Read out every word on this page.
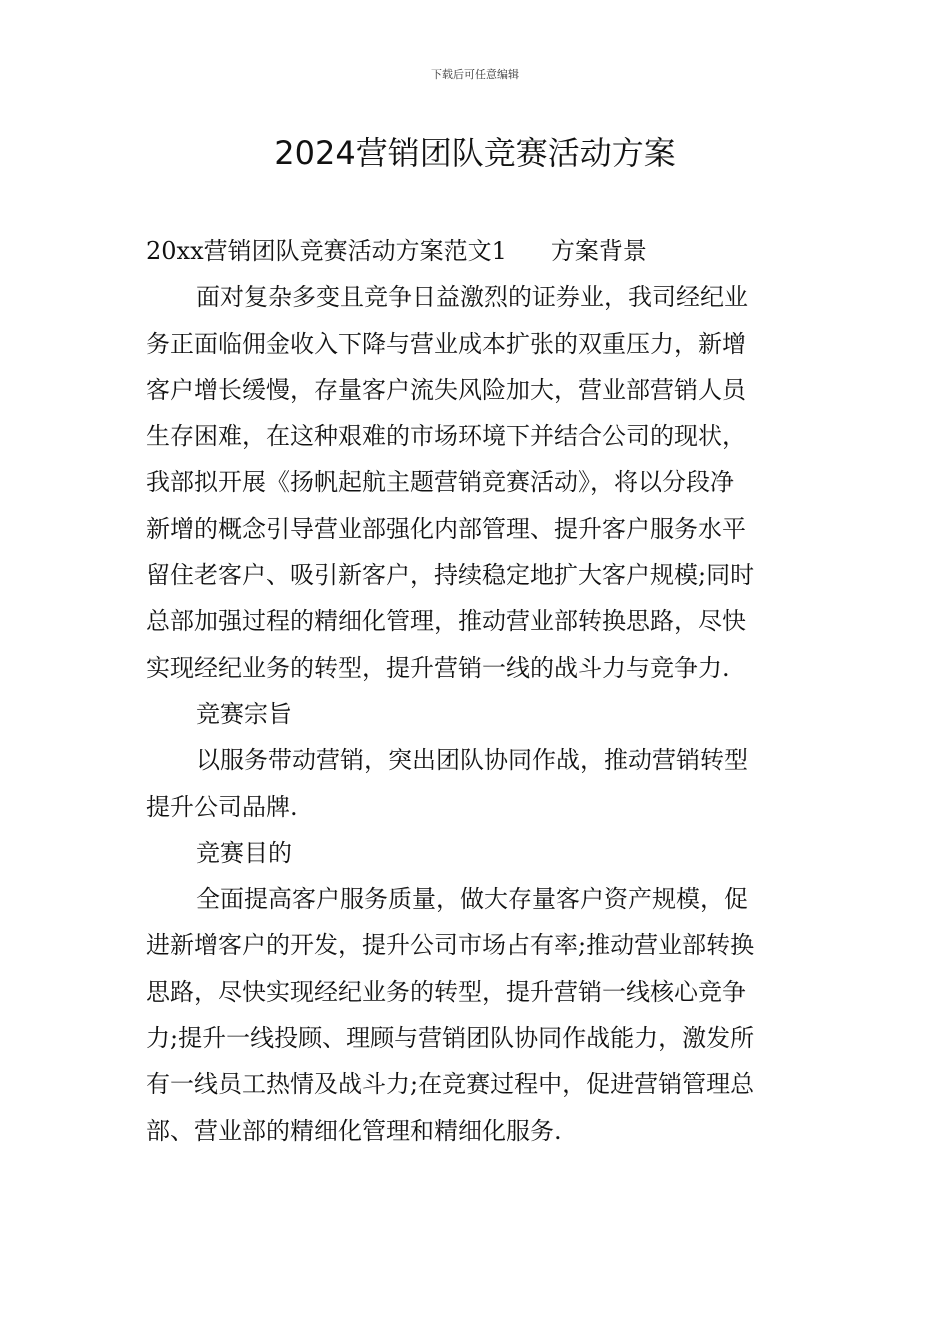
下载后可任意编辑
2024营销团队竞赛活动方案
20xx营销团队竞赛活动方案范文1 方案背景
面对复杂多变且竞争日益激烈的证券业，我司经纪业
务正面临佣金收入下降与营业成本扩张的双重压力，新增
客户增长缓慢，存量客户流失风险加大，营业部营销人员
生存困难，在这种艰难的市场环境下并结合公司的现状，
我部拟开展《扬帆起航主题营销竞赛活动》，将以分段净
新增的概念引导营业部强化内部管理、提升客户服务水平
留住老客户、吸引新客户，持续稳定地扩大客户规模;同时
总部加强过程的精细化管理，推动营业部转换思路，尽快
实现经纪业务的转型，提升营销一线的战斗力与竞争力.
竞赛宗旨
以服务带动营销，突出团队协同作战，推动营销转型
提升公司品牌.
竞赛目的
全面提高客户服务质量，做大存量客户资产规模，促
进新增客户的开发，提升公司市场占有率;推动营业部转换
思路，尽快实现经纪业务的转型，提升营销一线核心竞争
力;提升一线投顾、理顾与营销团队协同作战能力，激发所
有一线员工热情及战斗力;在竞赛过程中，促进营销管理总
部、营业部的精细化管理和精细化服务.
